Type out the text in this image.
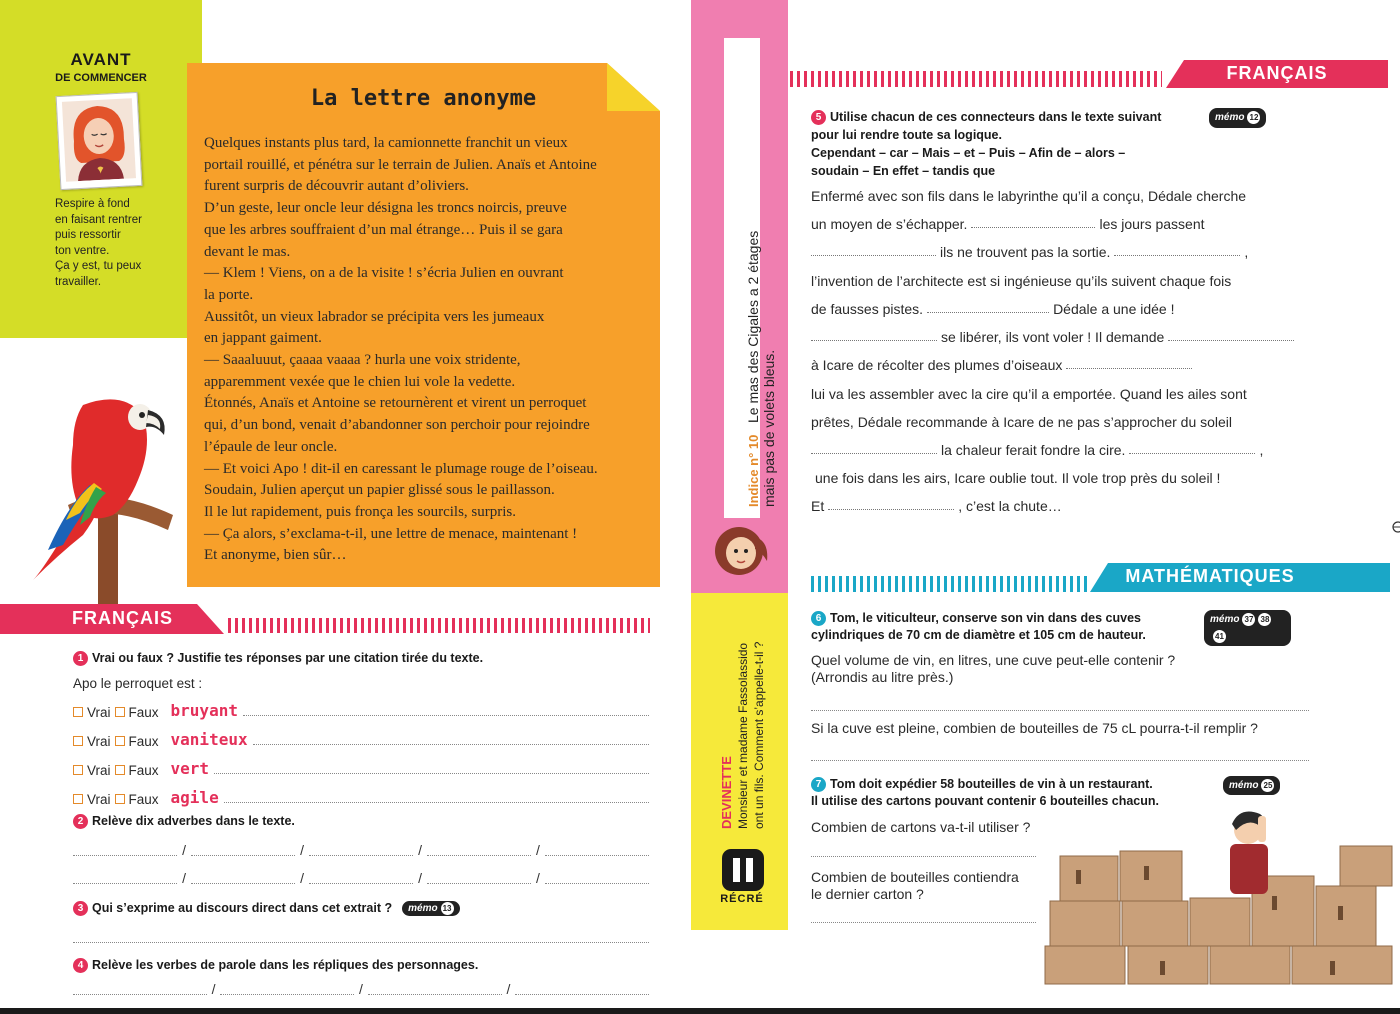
AVANT
DE COMMENCER
Respire à fond
en faisant rentrer
puis ressortir
ton ventre.
Ça y est, tu peux
travailler.
La lettre anonyme

Quelques instants plus tard, la camionnette franchit un vieux

portail rouillé, et pénétra sur le terrain de Julien. Anaïs et Antoine

furent surpris de découvrir autant d’oliviers.

D’un geste, leur oncle leur désigna les troncs noircis, preuve

que les arbres souffraient d’un mal étrange… Puis il se gara

devant le mas.

— Klem ! Viens, on a de la visite ! s’écria Julien en ouvrant

la porte.

Aussitôt, un vieux labrador se précipita vers les jumeaux

en jappant gaiment.

— Saaaluuut, çaaaa vaaaa ? hurla une voix stridente,

apparemment vexée que le chien lui vole la vedette.

Étonnés, Anaïs et Antoine se retournèrent et virent un perroquet

qui, d’un bond, venait d’abandonner son perchoir pour rejoindre

l’épaule de leur oncle.

— Et voici Apo ! dit-il en caressant le plumage rouge de l’oiseau.

Soudain, Julien aperçut un papier glissé sous le paillasson.

Il le lut rapidement, puis fronça les sourcils, surpris.

— Ça alors, s’exclama-t-il, une lettre de menace, maintenant !

Et anonyme, bien sûr…

FRANÇAIS
1 Vrai ou faux ? Justifie tes réponses par une citation tirée du texte.
Apo le perroquet est :
Vrai Faux bruyant
Vrai Faux vaniteux
Vrai Faux vert
Vrai Faux agile
2 Relève dix adverbes dans le texte.
/	/	/	/
/	/	/	/
3 Qui s’exprime au discours direct dans cet extrait ? mémo 13
4 Relève les verbes de parole dans les répliques des personnages.
/	/	/
Indice n° 10
Le mas des Cigales a 2 étages
mais pas de volets bleus.
DEVINETTE Monsieur et madame Fassolassido ont un fils. Comment s’appelle-t-il ?
RÉCRÉ
FRANÇAIS
5 Utilise chacun de ces connecteurs dans le texte suivant
pour lui rendre toute sa logique.
Cependant – car – Mais – et – Puis – Afin de – alors –
soudain – En effet – tandis que
mémo 12
Enfermé avec son fils dans le labyrinthe qu’il a conçu, Dédale cherche
un moyen de s’échapper.	les jours passent
ils ne trouvent pas la sortie.	,
l’invention de l’architecte est si ingénieuse qu’ils suivent chaque fois
de fausses pistes.	Dédale a une idée !
se libérer, ils vont voler ! Il demande
à Icare de récolter des plumes d’oiseaux
lui va les assembler avec la cire qu’il a emportée. Quand les ailes sont
prêtes, Dédale recommande à Icare de ne pas s’approcher du soleil
la chaleur ferait fondre la cire.	,
une fois dans les airs, Icare oublie tout. Il vole trop près du soleil !
Et	, c’est la chute…
MATHÉMATIQUES
6 Tom, le viticulteur, conserve son vin dans des cuves
cylindriques de 70 cm de diamètre et 105 cm de hauteur.
mémo 37 3841
Quel volume de vin, en litres, une cuve peut-elle contenir ?
(Arrondis au litre près.)
Si la cuve est pleine, combien de bouteilles de 75 cL pourra-t-il remplir ?
7 Tom doit expédier 58 bouteilles de vin à un restaurant.
Il utilise des cartons pouvant contenir 6 bouteilles chacun.
mémo 25
Combien de cartons va-t-il utiliser ?
Combien de bouteilles contiendra
le dernier carton ?
